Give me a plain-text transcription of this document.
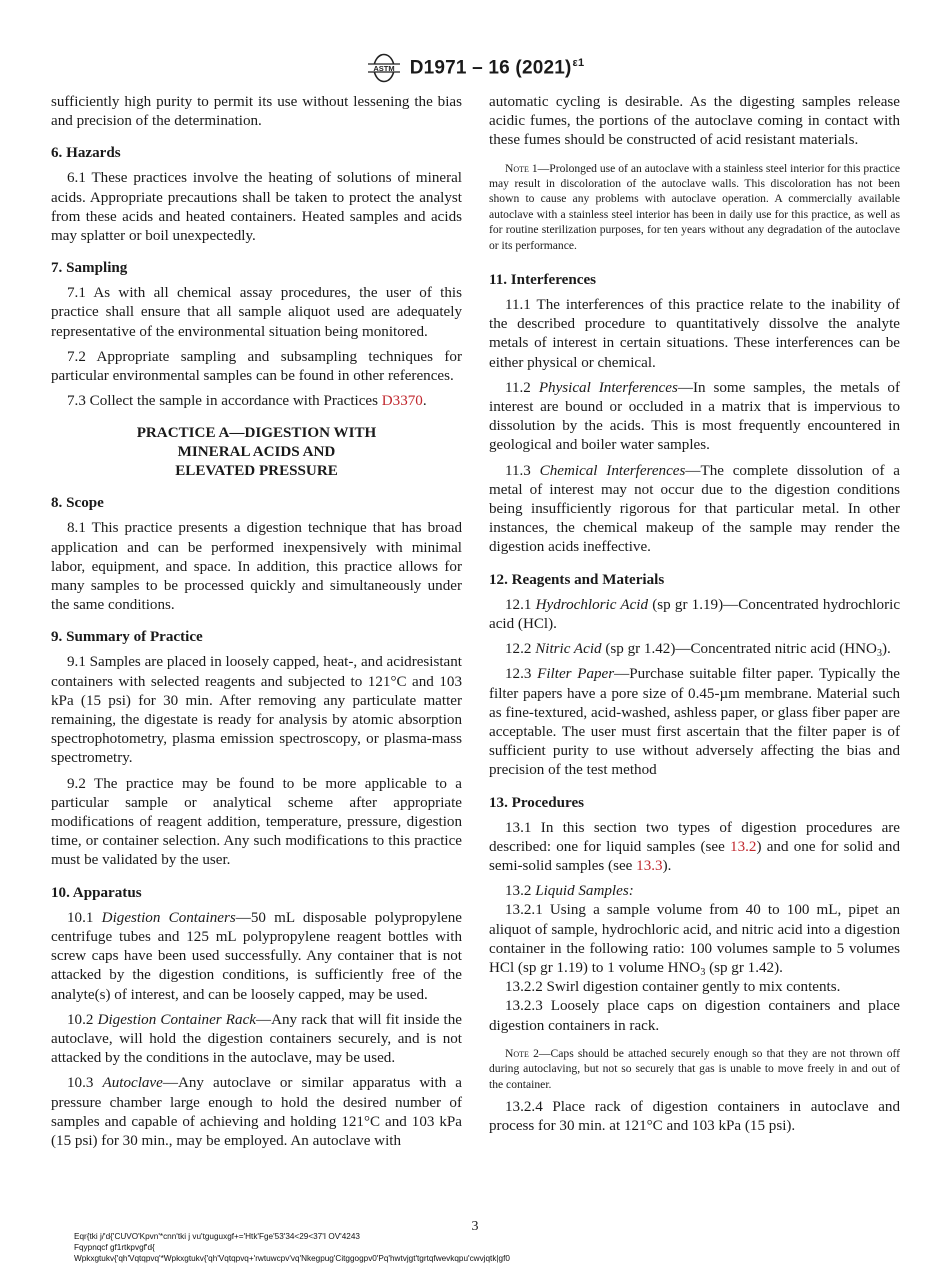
ASTM D1971 – 16 $(2021)^{\varepsilon 1}$

sufficiently high purity to permit its use without lessening the bias and precision of the determination.

6. Hazards

6.1 These practices involve the heating of solutions of mineral acids. Appropriate precautions shall be taken to protect the analyst from these acids and heated containers. Heated samples and acids may splatter or boil unexpectedly.

7. Sampling

7.1 As with all chemical assay procedures, the user of this practice shall ensure that all sample aliquot used are adequately representative of the environmental situation being monitored.

7.2 Appropriate sampling and subsampling techniques for particular environmental samples can be found in other references.

7.3 Collect the sample in accordance with Practices D3370.

PRACTICE A—DIGESTION WITH
MINERAL ACIDS AND
ELEVATED PRESSURE
8. Scope

8.1 This practice presents a digestion technique that has broad application and can be performed inexpensively with minimal labor, equipment, and space. In addition, this practice allows for many samples to be processed quickly and simultaneously under the same conditions.

9. Summary of Practice

9.1 Samples are placed in loosely capped, heat-, and acidresistant containers with selected reagents and subjected to 121°C and 103 kPa (15 psi) for 30 min. After removing any particulate matter remaining, the digestate is ready for analysis by atomic absorption spectrophotometry, plasma emission spectroscopy, or plasma-mass spectrometry.

9.2 The practice may be found to be more applicable to a particular sample or analytical scheme after appropriate modifications of reagent addition, temperature, pressure, digestion time, or container selection. Any such modifications to this practice must be validated by the user.

10. Apparatus

10.1 Digestion Containers—50 mL disposable polypropylene centrifuge tubes and 125 mL polypropylene reagent bottles with screw caps have been used successfully. Any container that is not attacked by the digestion conditions, is sufficiently free of the analyte(s) of interest, and can be loosely capped, may be used.

10.2 Digestion Container Rack—Any rack that will fit inside the autoclave, will hold the digestion containers securely, and is not attacked by the conditions in the autoclave, may be used.

10.3 Autoclave—Any autoclave or similar apparatus with a pressure chamber large enough to hold the desired number of samples and capable of achieving and holding 121°C and 103 kPa (15 psi) for 30 min., may be employed. An autoclave with

automatic cycling is desirable. As the digesting samples release acidic fumes, the portions of the autoclave coming in contact with these fumes should be constructed of acid resistant materials.

Note 1—Prolonged use of an autoclave with a stainless steel interior for this practice may result in discoloration of the autoclave walls. This discoloration has not been shown to cause any problems with autoclave operation. A commercially available autoclave with a stainless steel interior has been in daily use for this practice, as well as for routine sterilization purposes, for ten years without any degradation of the autoclave or its performance.

11. Interferences

11.1 The interferences of this practice relate to the inability of the described procedure to quantitatively dissolve the analyte metals of interest in certain situations. These interferences can be either physical or chemical.

11.2 Physical Interferences—In some samples, the metals of interest are bound or occluded in a matrix that is impervious to dissolution by the acids. This is most frequently encountered in geological and boiler water samples.

11.3 Chemical Interferences—The complete dissolution of a metal of interest may not occur due to the digestion conditions being insufficiently rigorous for that particular metal. In other instances, the chemical makeup of the sample may render the digestion acids ineffective.

12. Reagents and Materials

12.1 Hydrochloric Acid (sp gr 1.19)—Concentrated hydrochloric acid (HCl).

12.2 Nitric Acid (sp gr 1.42)—Concentrated nitric acid $(HNO_3)$.

12.3 Filter Paper—Purchase suitable filter paper. Typically the filter papers have a pore size of 0.45-µm membrane. Material such as fine-textured, acid-washed, ashless paper, or glass fiber paper are acceptable. The user must first ascertain that the filter paper is of sufficient purity to use without adversely affecting the bias and precision of the test method

13. Procedures

13.1 In this section two types of digestion procedures are described: one for liquid samples (see 13.2) and one for solid and semi-solid samples (see 13.3).

13.2 Liquid Samples:

13.2.1 Using a sample volume from 40 to 100 mL, pipet an aliquot of sample, hydrochloric acid, and nitric acid into a digestion container in the following ratio: 100 volumes sample to 5 volumes HCl (sp gr 1.19) to 1 volume $HNO_3$ (sp gr 1.42).

13.2.2 Swirl digestion container gently to mix contents.

13.2.3 Loosely place caps on digestion containers and place digestion containers in rack.

Note 2—Caps should be attached securely enough so that they are not thrown off during autoclaving, but not so securely that gas is unable to move freely in and out of the container.

13.2.4 Place rack of digestion containers in autoclave and process for 30 min. at 121°C and 103 kPa (15 psi).

3
Eqr{tki j/'d{'CUVO'Kpvn'*cnn'tki j vu'tguguxgf+='Htk'Fge'53'34<29<37'I OV'4243
Fqypnqcf gf1rtkpvgf'd{
Wpkxgtukv{'qh'Vqtqpvq'*Wpkxgtukv{'qh'Vqtqpvq+'rwtuwcpv'vq'Nkegpug'Citggogpv0'Pq'hwtvjgt'tgrtqfwevkqpu'cwvjqtk|gf0
